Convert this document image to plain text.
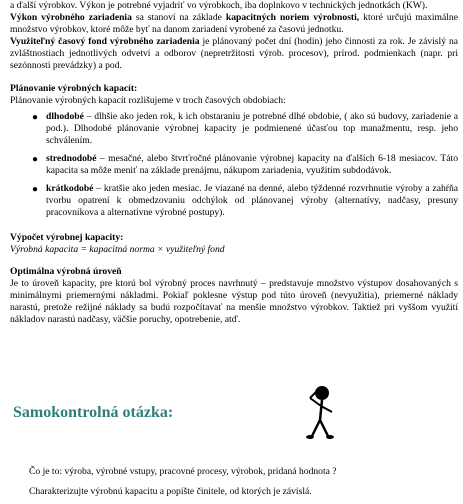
a ďalší výrobkov. Výkon je potrebné vyjadriť vo výrobkoch, iba doplnkovo v technických jednotkách (KW).

Výkon výrobného zariadenia sa stanoví na základe kapacitných noriem výrobnosti, ktoré určujú maximálne množstvo výrobkov, ktoré môže byť na danom zariadení vyrobené za časovú jednotku.

Využiteľný časový fond výrobného zariadenia je plánovaný počet dní (hodín) jeho činnosti za rok. Je závislý na zvláštnostiach jednotlivých odvetví a odborov (nepretržitosti výrob. procesov), prírod. podmienkach (napr. pri sezónnosti prevádzky) a pod.

Plánovanie výrobných kapacít:

Plánovanie výrobných kapacít rozlišujeme v troch časových obdobiach:

● dlhodobé – dlhšie ako jeden rok, k ich obstaraniu je potrebné dlhé obdobie, ( ako sú budovy, zariadenie a pod.). Dlhodobé plánovanie výrobnej kapacity je podmienené účasťou top manažmentu, resp. jeho schválením.
● strednodobé – mesačné, alebo štvrťročné plánovanie výrobnej kapacity na ďalších 6-18 mesiacov. Táto kapacita sa môže meniť na základe prenájmu, nákupom zariadenia, využitím subdodávok.
● krátkodobé – kratšie ako jeden mesiac. Je viazané na denné, alebo týždenné rozvrhnutie výroby a zahŕňa tvorbu opatrení k obmedzovaniu odchýlok od plánovanej výroby (alternatívy, nadčasy, presuny pracovníkova a alternatívne výrobné postupy).

Výpočet výrobnej kapacity:

Výrobná kapacita = kapacitná norma × využiteľný fond

Optimálna výrobná úroveň

Je to úroveň kapacity, pre ktorú bol výrobný proces navrhnutý – predstavuje množstvo výstupov dosahovaných s minimálnymi priemernými nákladmi. Pokiaľ poklesne výstup pod túto úroveň (nevyužitia), priemerné náklady narastú, pretože režijné náklady sa budú rozpočítavať na menšie množstvo výrobkov. Taktiež pri vyššom využití nákladov narastú nadčasy, väčšie poruchy, opotrebenie, atď.

Samokontrolná otázka:
Čo je to: výroba, výrobné vstupy, pracovné procesy, výrobok, pridaná hodnota ?
Charakterizujte výrobnú kapacitu a popíšte činitele, od ktorých je závislá.
